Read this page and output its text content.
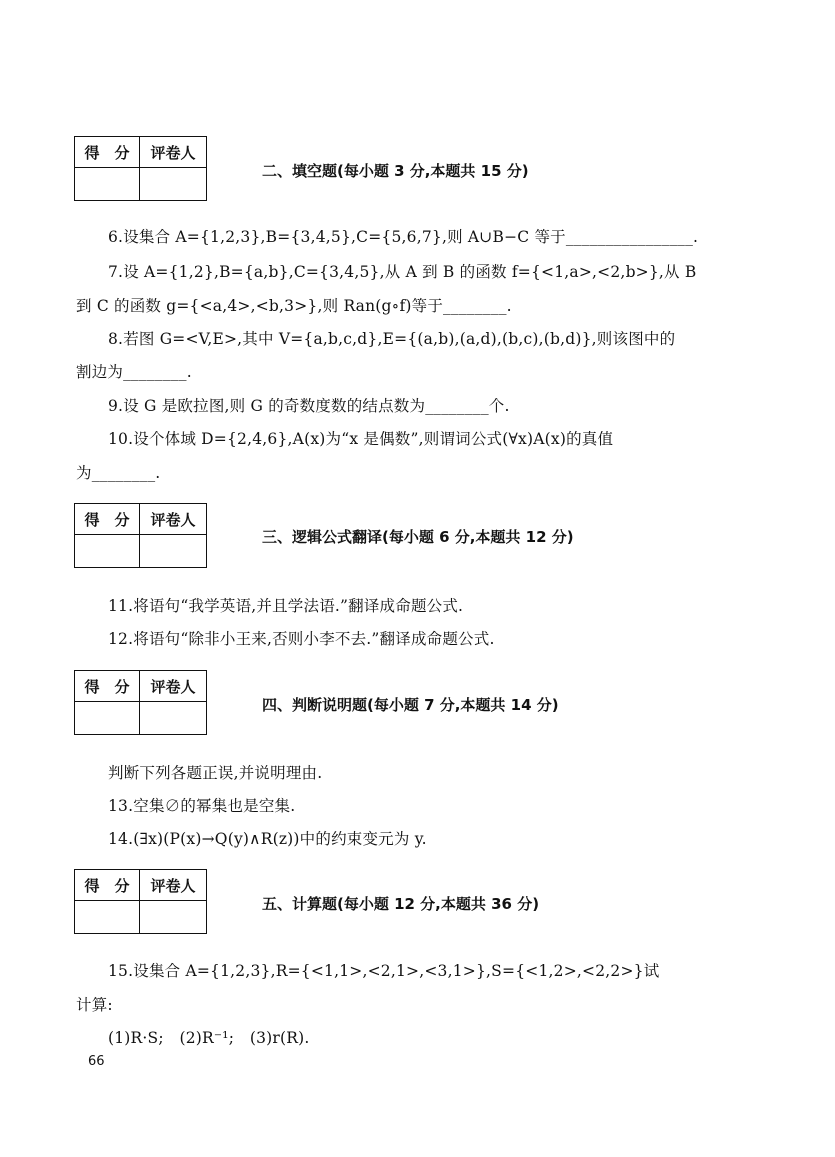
得　分	评卷人

二、填空题(每小题 3 分,本题共 15 分)
6.设集合 A={1,2,3},B={3,4,5},C={5,6,7},则 A∪B−C 等于________________.
7.设 A={1,2},B={a,b},C={3,4,5},从 A 到 B 的函数 f={<1,a>,<2,b>},从 B
到 C 的函数 g={<a,4>,<b,3>},则 Ran(g∘f)等于________.
8.若图 G=<V,E>,其中 V={a,b,c,d},E={(a,b),(a,d),(b,c),(b,d)},则该图中的
割边为________.
9.设 G 是欧拉图,则 G 的奇数度数的结点数为________个.
10.设个体域 D={2,4,6},A(x)为“x 是偶数”,则谓词公式(∀x)A(x)的真值
为________.
得　分	评卷人

三、逻辑公式翻译(每小题 6 分,本题共 12 分)
11.将语句“我学英语,并且学法语.”翻译成命题公式.
12.将语句“除非小王来,否则小李不去.”翻译成命题公式.
得　分	评卷人

四、判断说明题(每小题 7 分,本题共 14 分)
判断下列各题正误,并说明理由.
13.空集∅的幂集也是空集.
14.(∃x)(P(x)→Q(y)∧R(z))中的约束变元为 y.
得　分	评卷人

五、计算题(每小题 12 分,本题共 36 分)
15.设集合 A={1,2,3},R={<1,1>,<2,1>,<3,1>},S={<1,2>,<2,2>}试
计算:
(1)R·S;　(2)R⁻¹;　(3)r(R).
66
